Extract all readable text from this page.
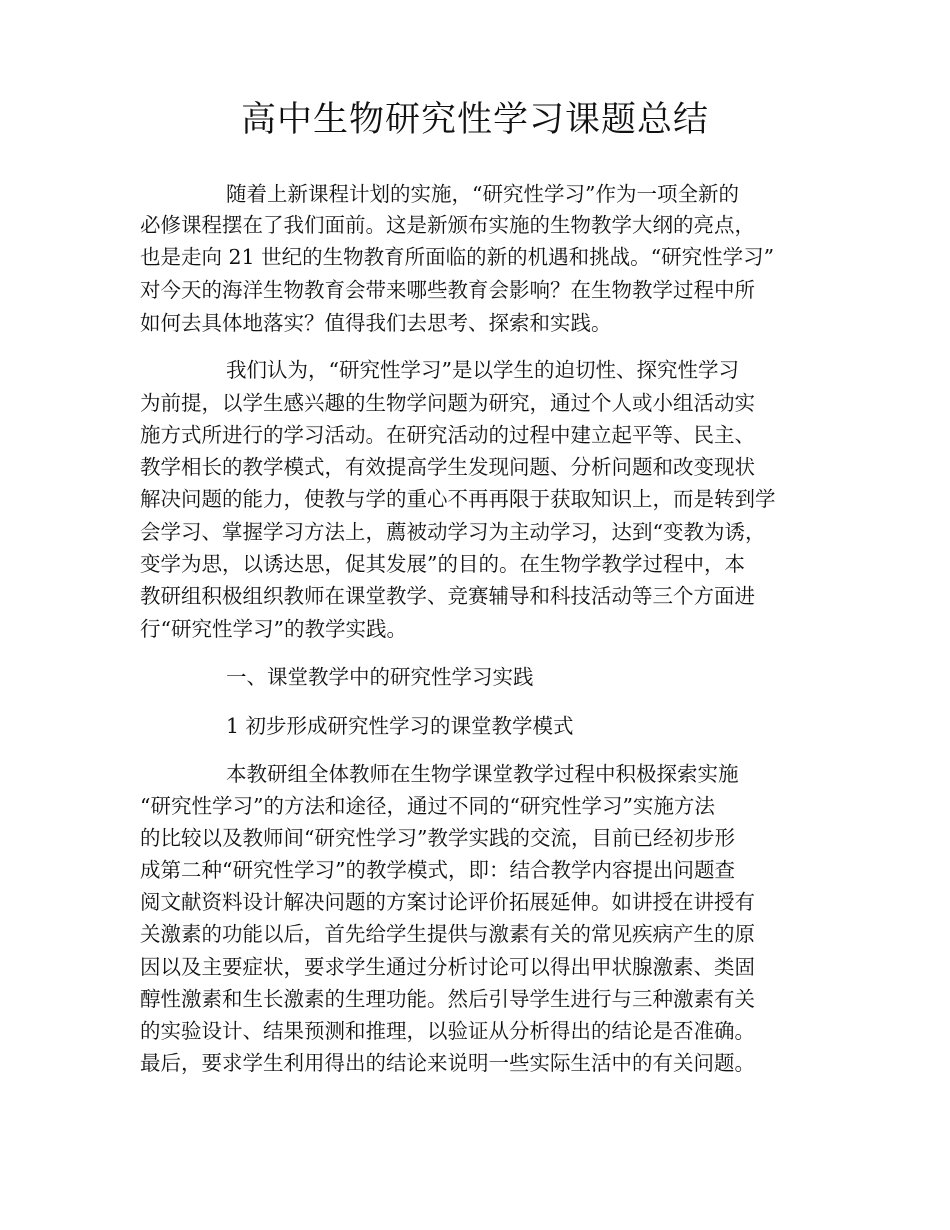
高中生物研究性学习课题总结
随着上新课程计划的实施，“研究性学习”作为一项全新的
必修课程摆在了我们面前。这是新颁布实施的生物教学大纲的亮点，
也是走向 21 世纪的生物教育所面临的新的机遇和挑战。“研究性学习”
对今天的海洋生物教育会带来哪些教育会影响？在生物教学过程中所
如何去具体地落实？值得我们去思考、探索和实践。
我们认为，“研究性学习”是以学生的迫切性、探究性学习
为前提，以学生感兴趣的生物学问题为研究，通过个人或小组活动实
施方式所进行的学习活动。在研究活动的过程中建立起平等、民主、
教学相长的教学模式，有效提高学生发现问题、分析问题和改变现状
解决问题的能力，使教与学的重心不再再限于获取知识上，而是转到学
会学习、掌握学习方法上，薦被动学习为主动学习，达到“变教为诱，
变学为思，以诱达思，促其发展”的目的。在生物学教学过程中，本
教研组积极组织教师在课堂教学、竞赛辅导和科技活动等三个方面进
行“研究性学习”的教学实践。
一、课堂教学中的研究性学习实践
1 初步形成研究性学习的课堂教学模式
本教研组全体教师在生物学课堂教学过程中积极探索实施
“研究性学习”的方法和途径，通过不同的“研究性学习”实施方法
的比较以及教师间“研究性学习”教学实践的交流，目前已经初步形
成第二种“研究性学习”的教学模式，即：结合教学内容提出问题查
阅文献资料设计解决问题的方案讨论评价拓展延伸。如讲授在讲授有
关激素的功能以后，首先给学生提供与激素有关的常见疾病产生的原
因以及主要症状，要求学生通过分析讨论可以得出甲状腺激素、类固
醇性激素和生长激素的生理功能。然后引导学生进行与三种激素有关
的实验设计、结果预测和推理，以验证从分析得出的结论是否准确。
最后，要求学生利用得出的结论来说明一些实际生活中的有关问题。
